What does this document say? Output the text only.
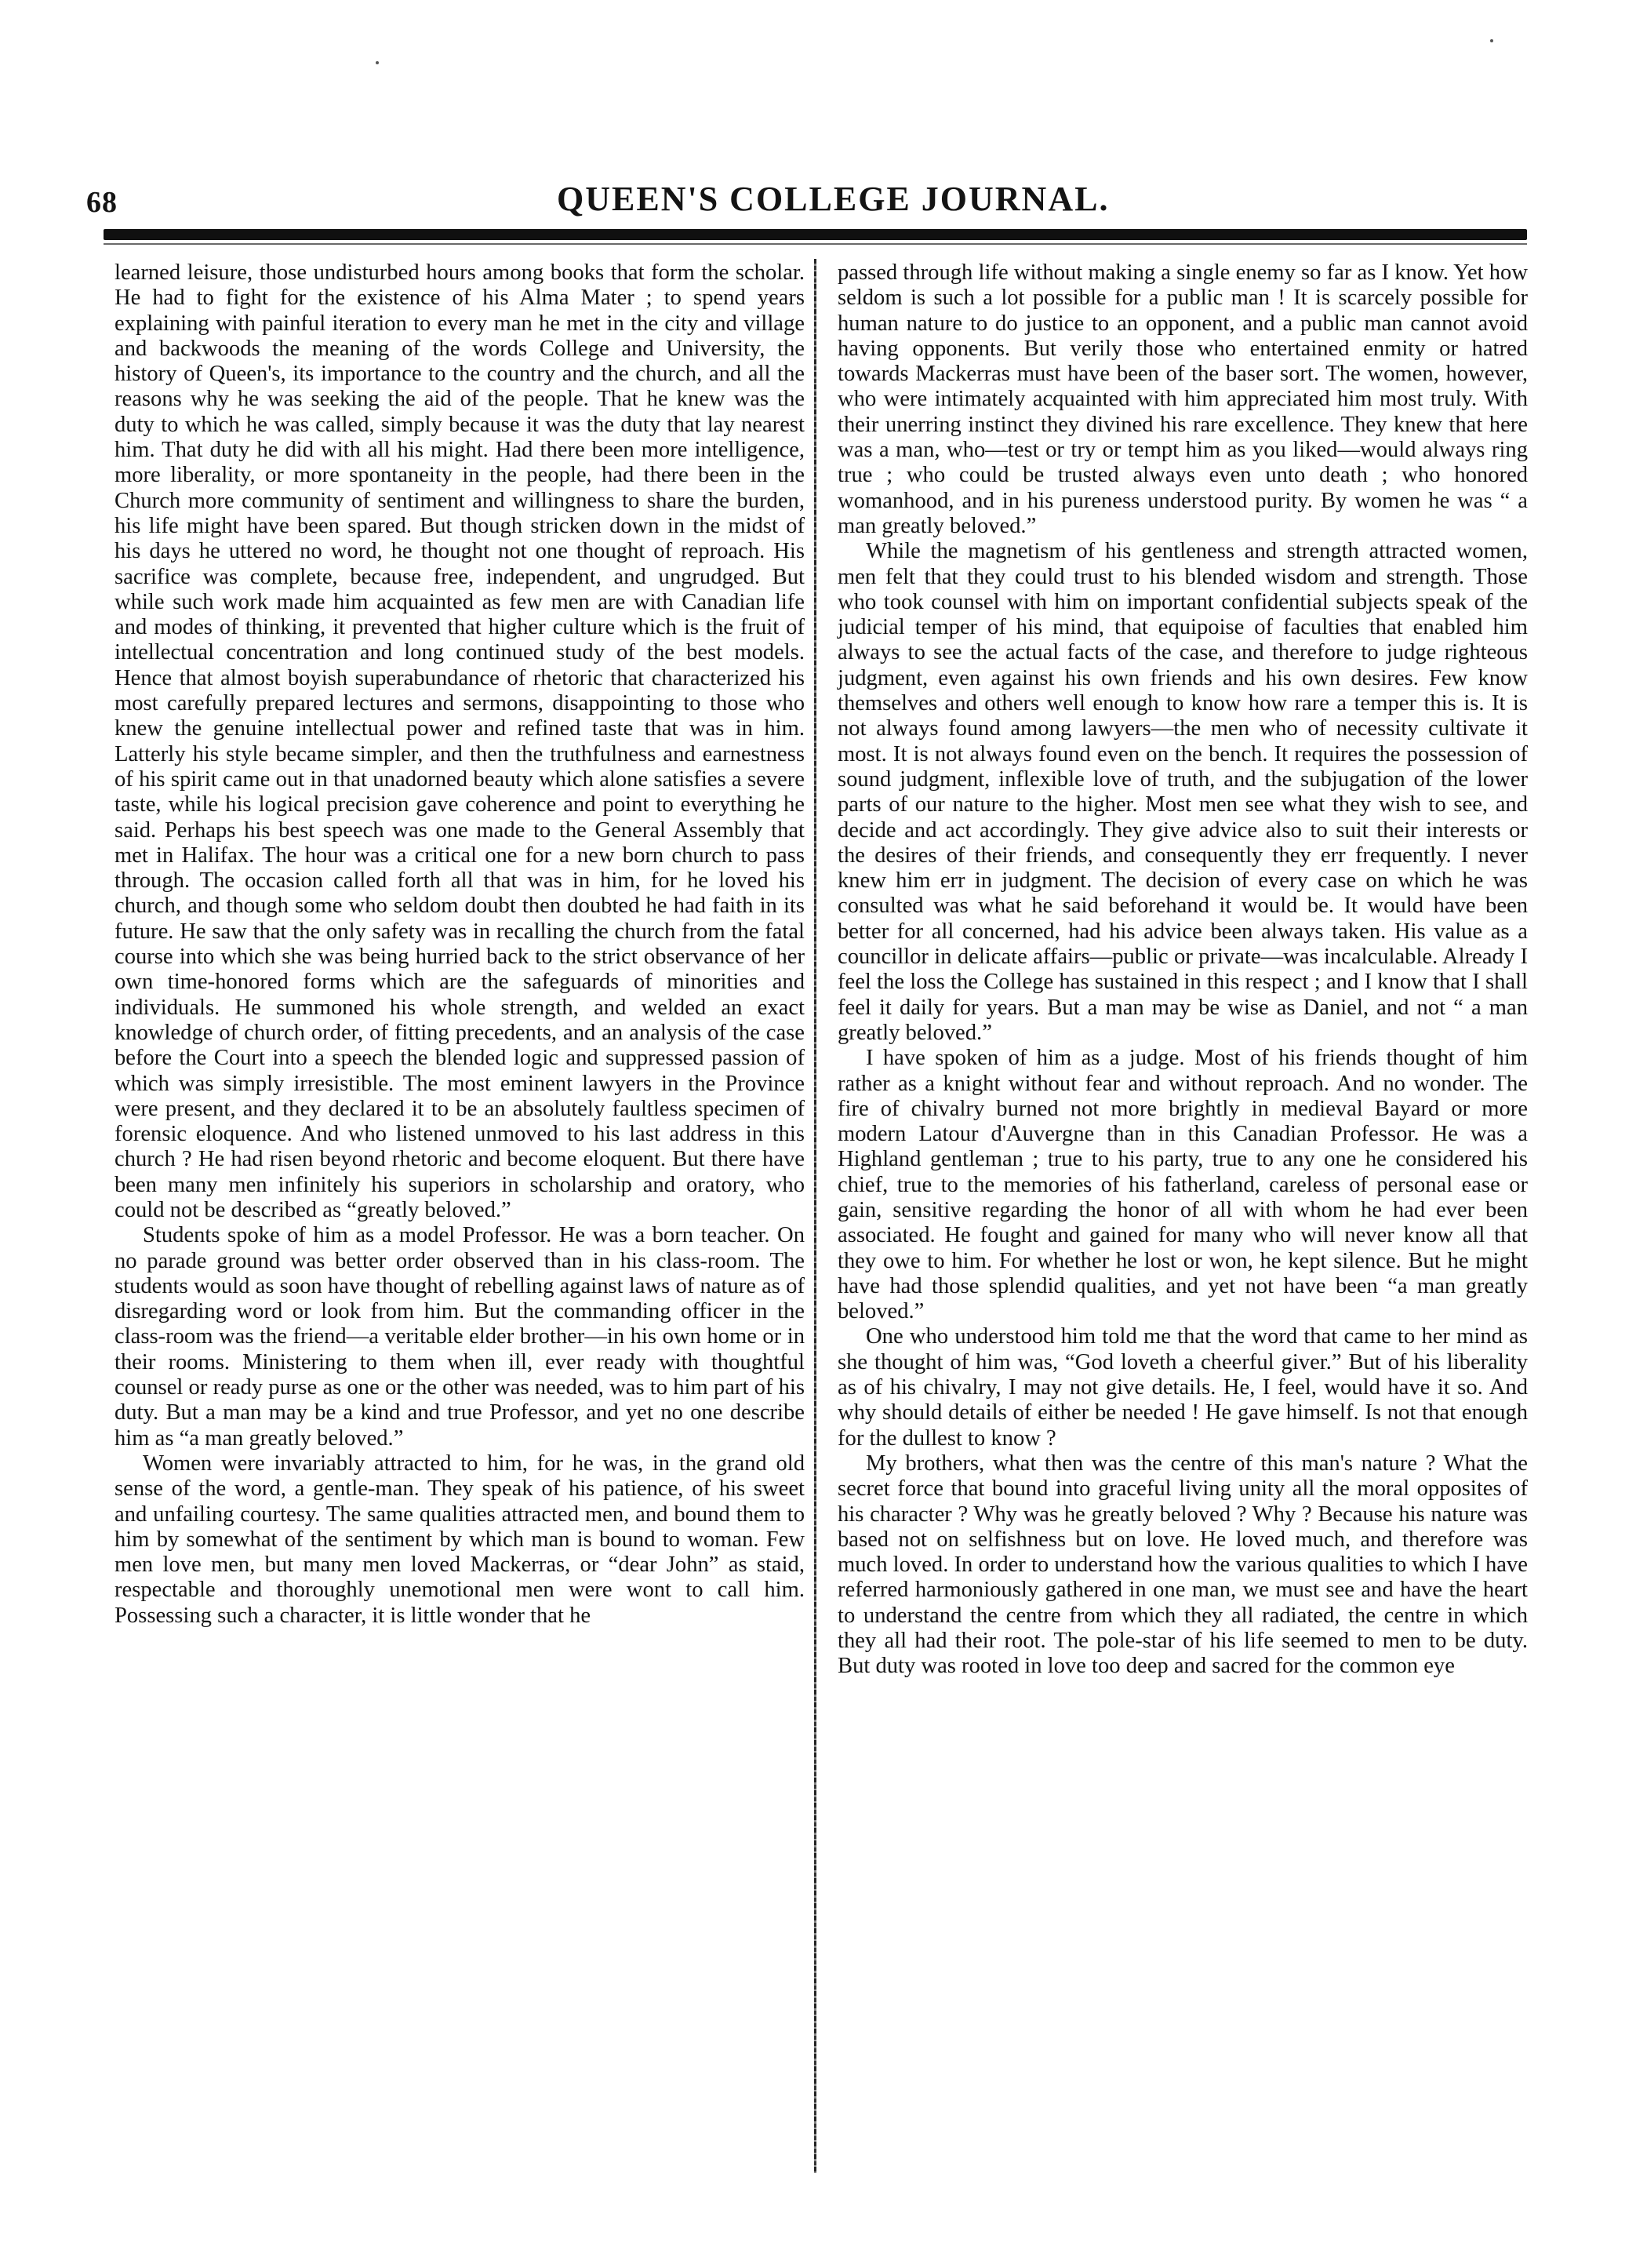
68	QUEEN'S COLLEGE JOURNAL.

learned leisure, those undisturbed hours among books that form the scholar. He had to fight for the existence of his Alma Mater ; to spend years explaining with painful iteration to every man he met in the city and village and backwoods the meaning of the words College and University, the history of Queen's, its importance to the country and the church, and all the reasons why he was seeking the aid of the people. That he knew was the duty to which he was called, simply because it was the duty that lay nearest him. That duty he did with all his might. Had there been more intelligence, more liberality, or more spontaneity in the people, had there been in the Church more community of sentiment and willingness to share the burden, his life might have been spared. But though stricken down in the midst of his days he uttered no word, he thought not one thought of reproach. His sacrifice was complete, because free, independent, and ungrudged. But while such work made him acquainted as few men are with Canadian life and modes of thinking, it prevented that higher culture which is the fruit of intellectual concentration and long continued study of the best models. Hence that almost boyish superabundance of rhetoric that characterized his most carefully prepared lectures and sermons, disappointing to those who knew the genuine intellectual power and refined taste that was in him. Latterly his style became simpler, and then the truthfulness and earnestness of his spirit came out in that unadorned beauty which alone satisfies a severe taste, while his logical precision gave coherence and point to everything he said. Perhaps his best speech was one made to the General Assembly that met in Halifax. The hour was a critical one for a new born church to pass through. The occasion called forth all that was in him, for he loved his church, and though some who seldom doubt then doubted he had faith in its future. He saw that the only safety was in recalling the church from the fatal course into which she was being hurried back to the strict observance of her own time-honored forms which are the safeguards of minorities and individuals. He summoned his whole strength, and welded an exact knowledge of church order, of fitting precedents, and an analysis of the case before the Court into a speech the blended logic and suppressed passion of which was simply irresistible. The most eminent lawyers in the Province were present, and they declared it to be an absolutely faultless specimen of forensic eloquence. And who listened unmoved to his last address in this church ? He had risen beyond rhetoric and become eloquent. But there have been many men infinitely his superiors in scholarship and oratory, who could not be described as “greatly beloved.”

Students spoke of him as a model Professor. He was a born teacher. On no parade ground was better order observed than in his class-room. The students would as soon have thought of rebelling against laws of nature as of disregarding word or look from him. But the commanding officer in the class-room was the friend—a veritable elder brother—in his own home or in their rooms. Ministering to them when ill, ever ready with thoughtful counsel or ready purse as one or the other was needed, was to him part of his duty. But a man may be a kind and true Professor, and yet no one describe him as “a man greatly beloved.”

Women were invariably attracted to him, for he was, in the grand old sense of the word, a gentle-man. They speak of his patience, of his sweet and unfailing courtesy. The same qualities attracted men, and bound them to him by somewhat of the sentiment by which man is bound to woman. Few men love men, but many men loved Mackerras, or “dear John” as staid, respectable and thoroughly unemotional men were wont to call him. Possessing such a character, it is little wonder that he

passed through life without making a single enemy so far as I know. Yet how seldom is such a lot possible for a public man ! It is scarcely possible for human nature to do justice to an opponent, and a public man cannot avoid having opponents. But verily those who entertained enmity or hatred towards Mackerras must have been of the baser sort. The women, however, who were intimately acquainted with him appreciated him most truly. With their unerring instinct they divined his rare excellence. They knew that here was a man, who—test or try or tempt him as you liked—would always ring true ; who could be trusted always even unto death ; who honored womanhood, and in his pureness understood purity. By women he was “ a man greatly beloved.”

While the magnetism of his gentleness and strength attracted women, men felt that they could trust to his blended wisdom and strength. Those who took counsel with him on important confidential subjects speak of the judicial temper of his mind, that equipoise of faculties that enabled him always to see the actual facts of the case, and therefore to judge righteous judgment, even against his own friends and his own desires. Few know themselves and others well enough to know how rare a temper this is. It is not always found among lawyers—the men who of necessity cultivate it most. It is not always found even on the bench. It requires the possession of sound judgment, inflexible love of truth, and the subjugation of the lower parts of our nature to the higher. Most men see what they wish to see, and decide and act accordingly. They give advice also to suit their interests or the desires of their friends, and consequently they err frequently. I never knew him err in judgment. The decision of every case on which he was consulted was what he said beforehand it would be. It would have been better for all concerned, had his advice been always taken. His value as a councillor in delicate affairs—public or private—was incalculable. Already I feel the loss the College has sustained in this respect ; and I know that I shall feel it daily for years. But a man may be wise as Daniel, and not “ a man greatly beloved.”

I have spoken of him as a judge. Most of his friends thought of him rather as a knight without fear and without reproach. And no wonder. The fire of chivalry burned not more brightly in medieval Bayard or more modern Latour d'Auvergne than in this Canadian Professor. He was a Highland gentleman ; true to his party, true to any one he considered his chief, true to the memories of his fatherland, careless of personal ease or gain, sensitive regarding the honor of all with whom he had ever been associated. He fought and gained for many who will never know all that they owe to him. For whether he lost or won, he kept silence. But he might have had those splendid qualities, and yet not have been “a man greatly beloved.”

One who understood him told me that the word that came to her mind as she thought of him was, “God loveth a cheerful giver.” But of his liberality as of his chivalry, I may not give details. He, I feel, would have it so. And why should details of either be needed ! He gave himself. Is not that enough for the dullest to know ?

My brothers, what then was the centre of this man's nature ? What the secret force that bound into graceful living unity all the moral opposites of his character ? Why was he greatly beloved ? Why ? Because his nature was based not on selfishness but on love. He loved much, and therefore was much loved. In order to understand how the various qualities to which I have referred harmoniously gathered in one man, we must see and have the heart to understand the centre from which they all radiated, the centre in which they all had their root. The pole-star of his life seemed to men to be duty. But duty was rooted in love too deep and sacred for the common eye
